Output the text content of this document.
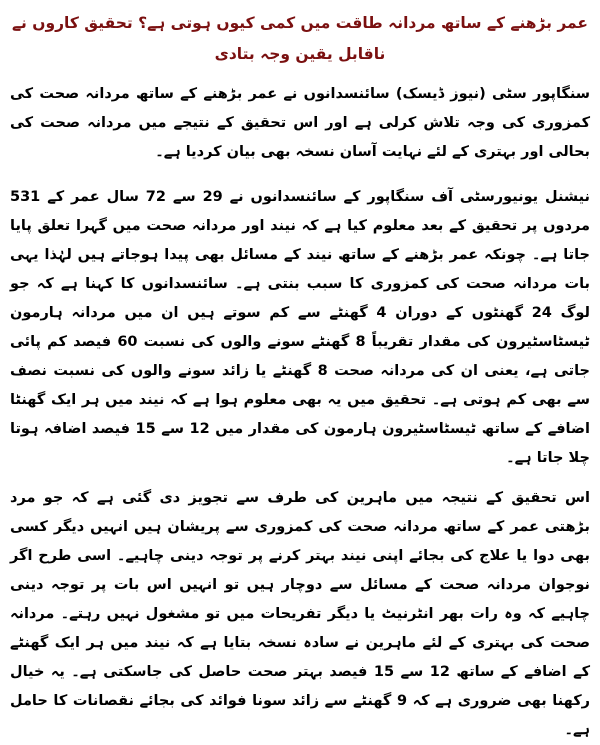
عمر بڑھنے کے ساتھ مردانہ طاقت میں کمی کیوں ہوتی ہے؟ تحقیق کاروں نے ناقابل یقین وجہ بتادی

سنگاپور سٹی (نیوز ڈیسک) سائنسدانوں نے عمر بڑھنے کے ساتھ مردانہ صحت کی کمزوری کی وجہ تلاش کرلی ہے اور اس تحقیق کے نتیجے میں مردانہ صحت کی بحالی اور بہتری کے لئے نہایت آسان نسخہ بھی بیان کردیا ہے۔

نیشنل یونیورسٹی آف سنگاپور کے سائنسدانوں نے 29 سے 72 سال عمر کے 531 مردوں پر تحقیق کے بعد معلوم کیا ہے کہ نیند اور مردانہ صحت میں گہرا تعلق پایا جاتا ہے۔ چونکہ عمر بڑھنے کے ساتھ نیند کے مسائل بھی پیدا ہوجاتے ہیں لہٰذا یہی بات مردانہ صحت کی کمزوری کا سبب بنتی ہے۔ سائنسدانوں کا کہنا ہے کہ جو لوگ 24 گھنٹوں کے دوران 4 گھنٹے سے کم سوتے ہیں ان میں مردانہ ہارمون ٹیسٹاسٹیرون کی مقدار تقریباً 8 گھنٹے سونے والوں کی نسبت 60 فیصد کم پائی جاتی ہے، یعنی ان کی مردانہ صحت 8 گھنٹے یا زائد سونے والوں کی نسبت نصف سے بھی کم ہوتی ہے۔ تحقیق میں یہ بھی معلوم ہوا ہے کہ نیند میں ہر ایک گھنٹا اضافے کے ساتھ ٹیسٹاسٹیرون ہارمون کی مقدار میں 12 سے 15 فیصد اضافہ ہوتا چلا جاتا ہے۔

اس تحقیق کے نتیجہ میں ماہرین کی طرف سے تجویز دی گئی ہے کہ جو مرد بڑھتی عمر کے ساتھ مردانہ صحت کی کمزوری سے پریشان ہیں انہیں دیگر کسی بھی دوا یا علاج کی بجائے اپنی نیند بہتر کرنے پر توجہ دینی چاہیے۔ اسی طرح اگر نوجوان مردانہ صحت کے مسائل سے دوچار ہیں تو انہیں اس بات پر توجہ دینی چاہیے کہ وہ رات بھر انٹرنیٹ یا دیگر تفریحات میں تو مشغول نہیں رہتے۔ مردانہ صحت کی بہتری کے لئے ماہرین نے سادہ نسخہ بتایا ہے کہ نیند میں ہر ایک گھنٹے کے اضافے کے ساتھ 12 سے 15 فیصد بہتر صحت حاصل کی جاسکتی ہے۔ یہ خیال رکھنا بھی ضروری ہے کہ 9 گھنٹے سے زائد سونا فوائد کی بجائے نقصانات کا حامل ہے۔
